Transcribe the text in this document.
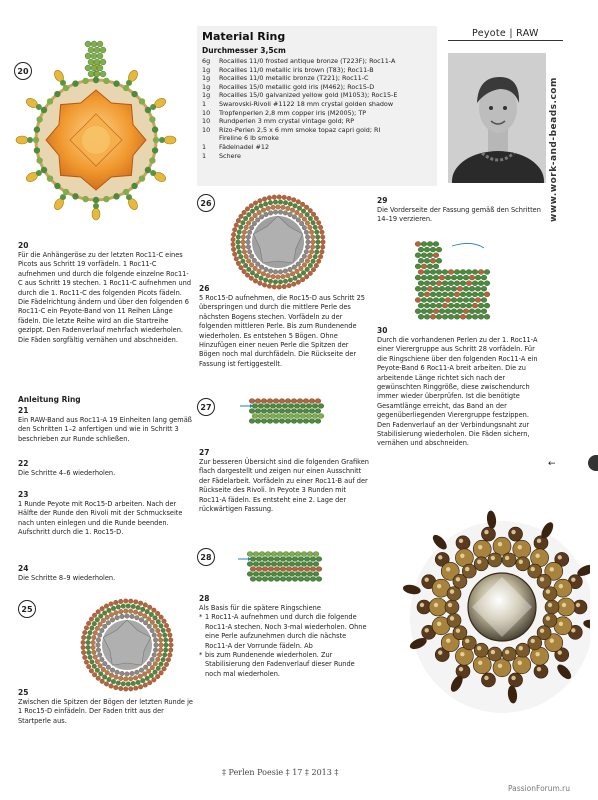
Peyote | RAW
Material Ring
Durchmesser 3,5cm
6g	Rocailles 11/0 frosted antique bronze (T223F); Roc11-A
1g	Rocailles 11/0 metallic iris brown (T83); Roc11-B
1g	Rocailles 11/0 metallic bronze (T221); Roc11-C
1g	Rocailles 15/0 metallic gold iris (M462); Roc15-D
1g	Rocailles 15/0 galvanized yellow gold (M1053); Roc15-E
1	Swarovski-Rivoli #1122 18 mm crystal golden shadow
10	Tropfenperlen 2,8 mm copper iris (M2005); TP
10	Rundperlen 3 mm crystal vintage gold; RP
10	Rizo-Perlen 2,5 x 6 mm smoke topaz capri gold; RI
Fireline 6 lb smoke
1	Fädelnadel #12
1	Schere	www.work-and-beads.com
20
20
Für die Anhängeröse zu der letzten Roc11-C eines Picots aus Schritt 19 vorfädeln. 1 Roc11-C aufnehmen und durch die folgende einzelne Roc11-C aus Schritt 19 stechen. 1 Roc11-C aufnehmen und durch die 1. Roc11-C des folgenden Picots fädeln. Die Fädelrichtung ändern und über den folgenden 6 Roc11-C ein Peyote-Band von 11 Reihen Länge fädeln. Die letzte Reihe wird an die Startreihe gezippt. Den Fadenverlauf mehrfach wiederholen. Die Fäden sorgfältig vernähen und abschneiden.
Anleitung Ring
21
Ein RAW-Band aus Roc11-A 19 Einheiten lang gemäß den Schritten 1–2 anfertigen und wie in Schritt 3 beschrieben zur Runde schließen.
22
Die Schritte 4–6 wiederholen.
23
1 Runde Peyote mit Roc15-D arbeiten. Nach der Hälfte der Runde den Rivoli mit der Schmuckseite nach unten einlegen und die Runde beenden. Aufschritt durch die 1. Roc15-D.
24
Die Schritte 8–9 wiederholen.
25
25
Zwischen die Spitzen der Bögen der letzten Runde je 1 Roc15-D einfädeln. Der Faden tritt aus der Startperle aus.
26
26
5 Roc15-D aufnehmen, die Roc15-D aus Schritt 25 überspringen und durch die mittlere Perle des nächsten Bogens stechen. Vorfädeln zu der folgenden mittleren Perle. Bis zum Rundenende wiederholen. Es entstehen 5 Bögen. Ohne Hinzufügen einer neuen Perle die Spitzen der Bögen noch mal durchfädeln. Die Rückseite der Fassung ist fertiggestellt.
27
27
Zur besseren Übersicht sind die folgenden Grafiken flach dargestellt und zeigen nur einen Ausschnitt der Fädelarbeit. Vorfädeln zu einer Roc11-B auf der Rückseite des Rivoli. In Peyote 3 Runden mit Roc11-A fädeln. Es entsteht eine 2. Lage der rückwärtigen Fassung.
28
28
Als Basis für die spätere Ringschiene
* 1 Roc11-A aufnehmen und durch die folgende Roc11-A stechen. Noch 3-mal wiederholen. Ohne eine Perle aufzunehmen durch die nächste Roc11-A der Vorrunde fädeln. Ab
* bis zum Rundenende wiederholen. Zur Stabilisierung den Fadenverlauf dieser Runde noch mal wiederholen.
29
Die Vorderseite der Fassung gemäß den Schritten 14–19 verzieren.
30
Durch die vorhandenen Perlen zu der 1. Roc11-A einer Vierergruppe aus Schritt 28 vorfädeln. Für die Ringschiene über den folgenden Roc11-A ein Peyote-Band 6 Roc11-A breit arbeiten. Die zu arbeitende Länge richtet sich nach der gewünschten Ringgröße, diese zwischendurch immer wieder überprüfen. Ist die benötigte Gesamtlänge erreicht, das Band an der gegenüberliegenden Vierergruppe festzippen. Den Fadenverlauf an der Verbindungsnaht zur Stabilisierung wiederholen. Die Fäden sichern, vernähen und abschneiden.
←
‡ Perlen Poesie ‡ 17 ‡ 2013 ‡
PassionForum.ru
